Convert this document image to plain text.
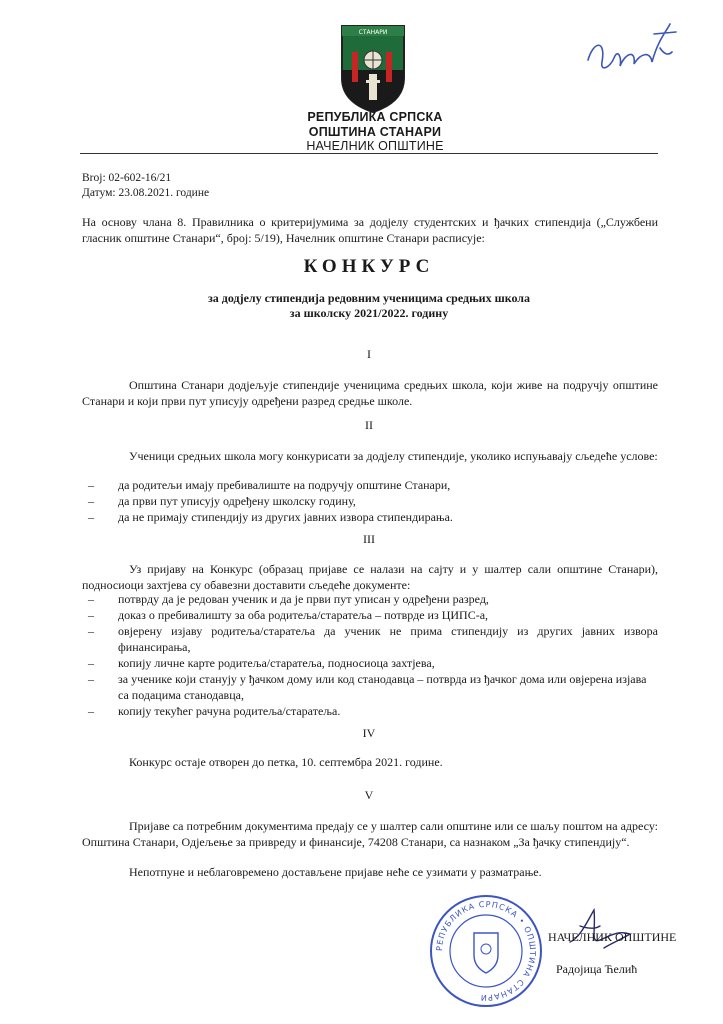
СТАНАРИ
РЕПУБЛИКА СРПСКА
ОПШТИНА СТАНАРИ
НАЧЕЛНИК ОПШТИНЕ
Broj: 02-602-16/21
Датум: 23.08.2021. године
На основу члана 8. Правилника о критеријумима за додјелу студентских и ђачких стипендија („Службени гласник општине Станари“, број: 5/19), Начелник општине Станари расписује:
КОНКУРС
за додјелу стипендија редовним ученицима средњих школа
за школску 2021/2022. годину
I
Општина Станари додјељује стипендије ученицима средњих школа, који живе на подручју општине Станари и који први пут уписују одређени разред средње школе.
II
Ученици средњих школа могу конкурисати за додјелу стипендије, уколико испуњавају сљедеће услове:
– да родитељи имају пребивалиште на подручју општине Станари,
– да први пут уписују одређену школску годину,
– да не примају стипендију из других јавних извора стипендирања.
III
Уз пријаву на Конкурс (образац пријаве се налази на сајту и у шалтер сали општине Станари), подносиоци захтјева су обавезни доставити сљедеће документе:
– потврду да је редован ученик и да је први пут уписан у одређени разред,
– доказ о пребивалишту за оба родитеља/старатеља – потврде из ЦИПС-а,
– овјерену изјаву родитеља/старатеља да ученик не прима стипендију из других јавних извора финансирања,
– копију личне карте родитеља/старатеља, подносиоца захтјева,
– за ученике који станују у ђачком дому или код станодавца – потврда из ђачког дома или овјерена изјава са подацима станодавца,
– копију текућег рачуна родитеља/старатеља.
IV
Конкурс остаје отворен до петка, 10. септембра 2021. године.
V
Пријаве са потребним документима предају се у шалтер сали општине или се шаљу поштом на адресу: Општина Станари, Одјељење за привреду и финансије, 74208 Станари, са назнаком „За ђачку стипендију“.
Непотпуне и неблаговремено достављене пријаве неће се узимати у разматрање.
РЕПУБЛИКА СРПСКА • ОПШТИНА СТАНАРИ
НАЧЕЛНИК ОПШТИНЕ
Радојица Ћелић
